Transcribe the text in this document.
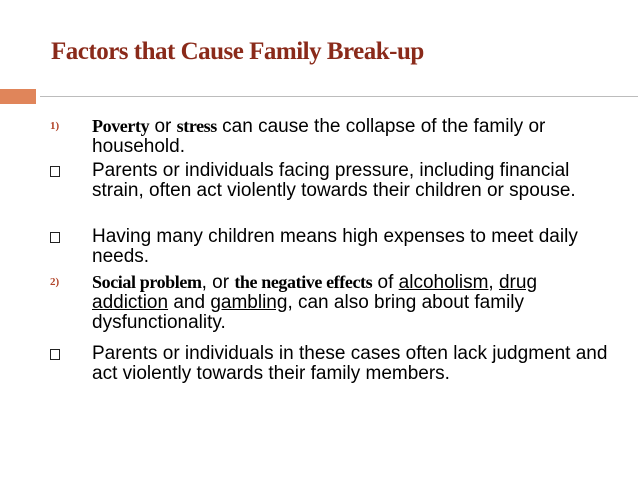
Factors that Cause Family Break-up
1) Poverty or stress can cause the collapse of the family or household.
Parents or individuals facing pressure, including financial strain, often act violently towards their children or spouse.
Having many children means high expenses to meet daily needs.
2) Social problem, or the negative effects of alcoholism, drug addiction and gambling, can also bring about family dysfunctionality.
Parents or individuals in these cases often lack judgment and act violently towards their family members.
